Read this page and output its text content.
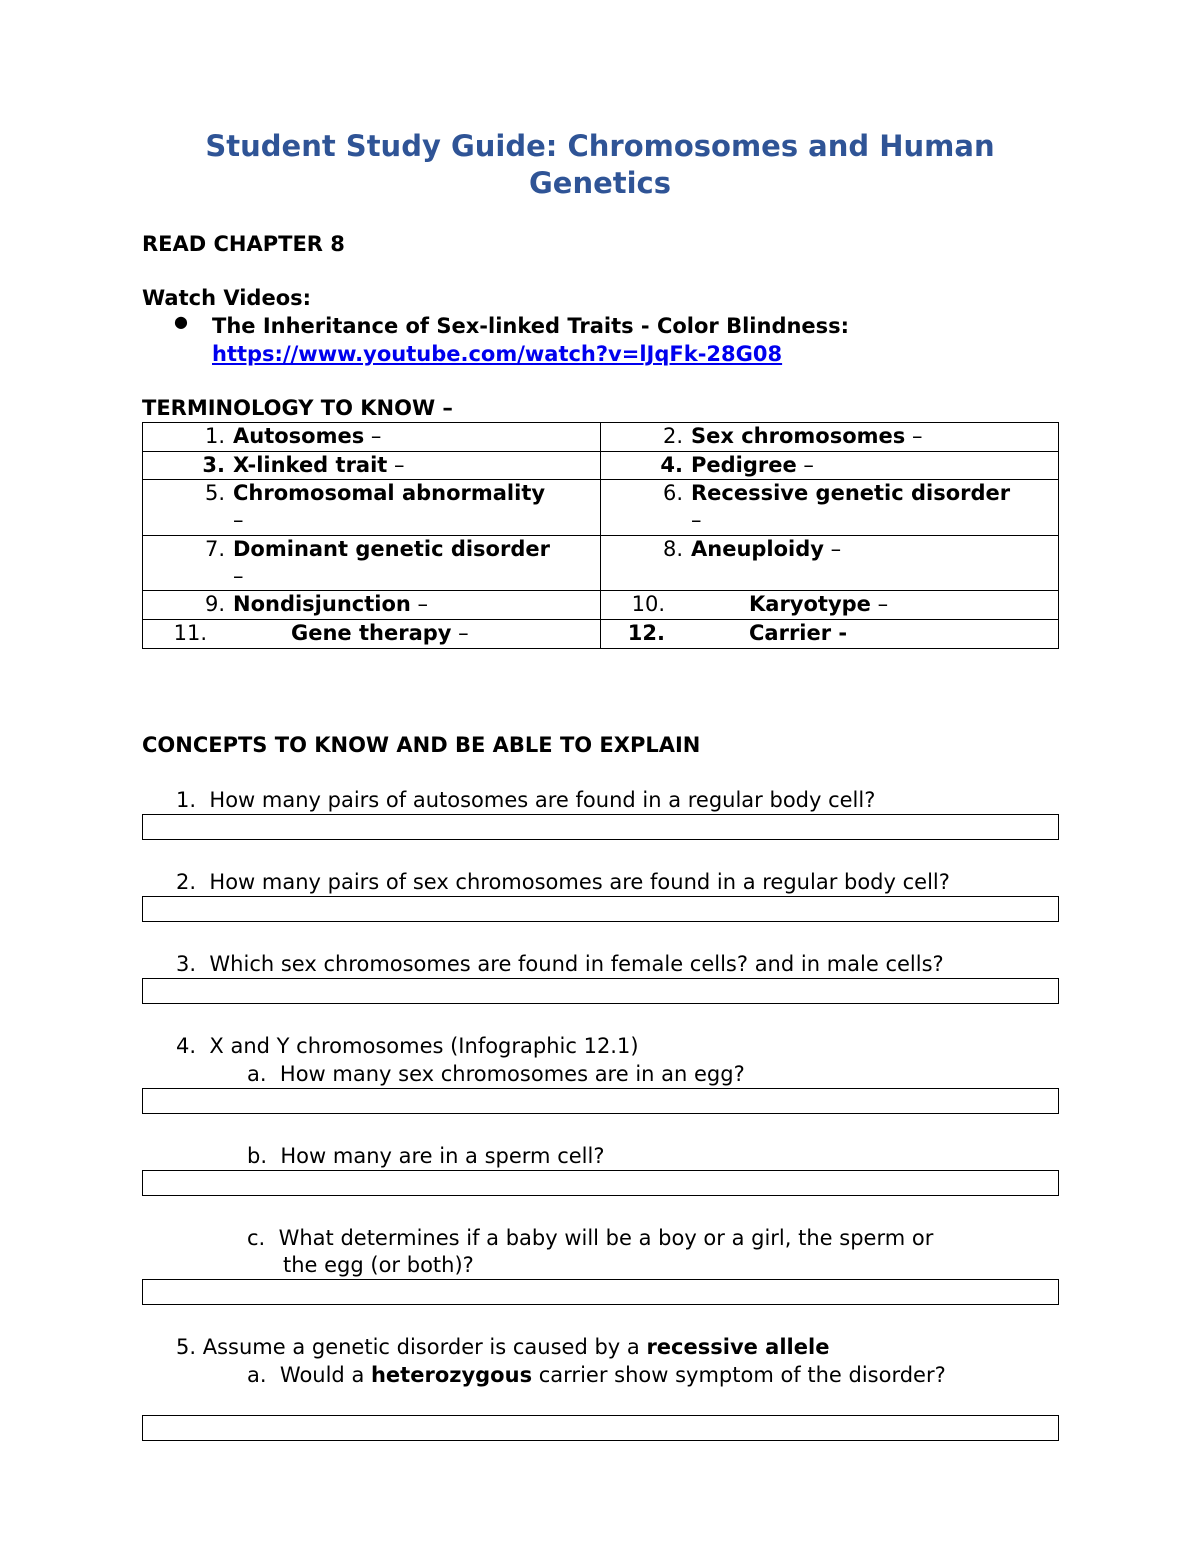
Student Study Guide: Chromosomes and Human
Genetics
READ CHAPTER 8
Watch Videos:
● The Inheritance of Sex-linked Traits - Color Blindness:
https://www.youtube.com/watch?v=lJqFk-28G08
TERMINOLOGY TO KNOW –
1. Autosomes –	2. Sex chromosomes –

3. X-linked trait –	4. Pedigree –

5. Chromosomal abnormality
–	6. Recessive genetic disorder
–

7. Dominant genetic disorder
–	8. Aneuploidy –

9. Nondisjunction –	10. Karyotype –

11. Gene therapy –	12. Carrier -
CONCEPTS TO KNOW AND BE ABLE TO EXPLAIN
1. How many pairs of autosomes are found in a regular body cell?
2. How many pairs of sex chromosomes are found in a regular body cell?
3. Which sex chromosomes are found in female cells? and in male cells?
4. X and Y chromosomes (Infographic 12.1)
a. How many sex chromosomes are in an egg?
b. How many are in a sperm cell?
c. What determines if a baby will be a boy or a girl, the sperm or
the egg (or both)?
5. Assume a genetic disorder is caused by a recessive allele
a. Would a heterozygous carrier show symptom of the disorder?
